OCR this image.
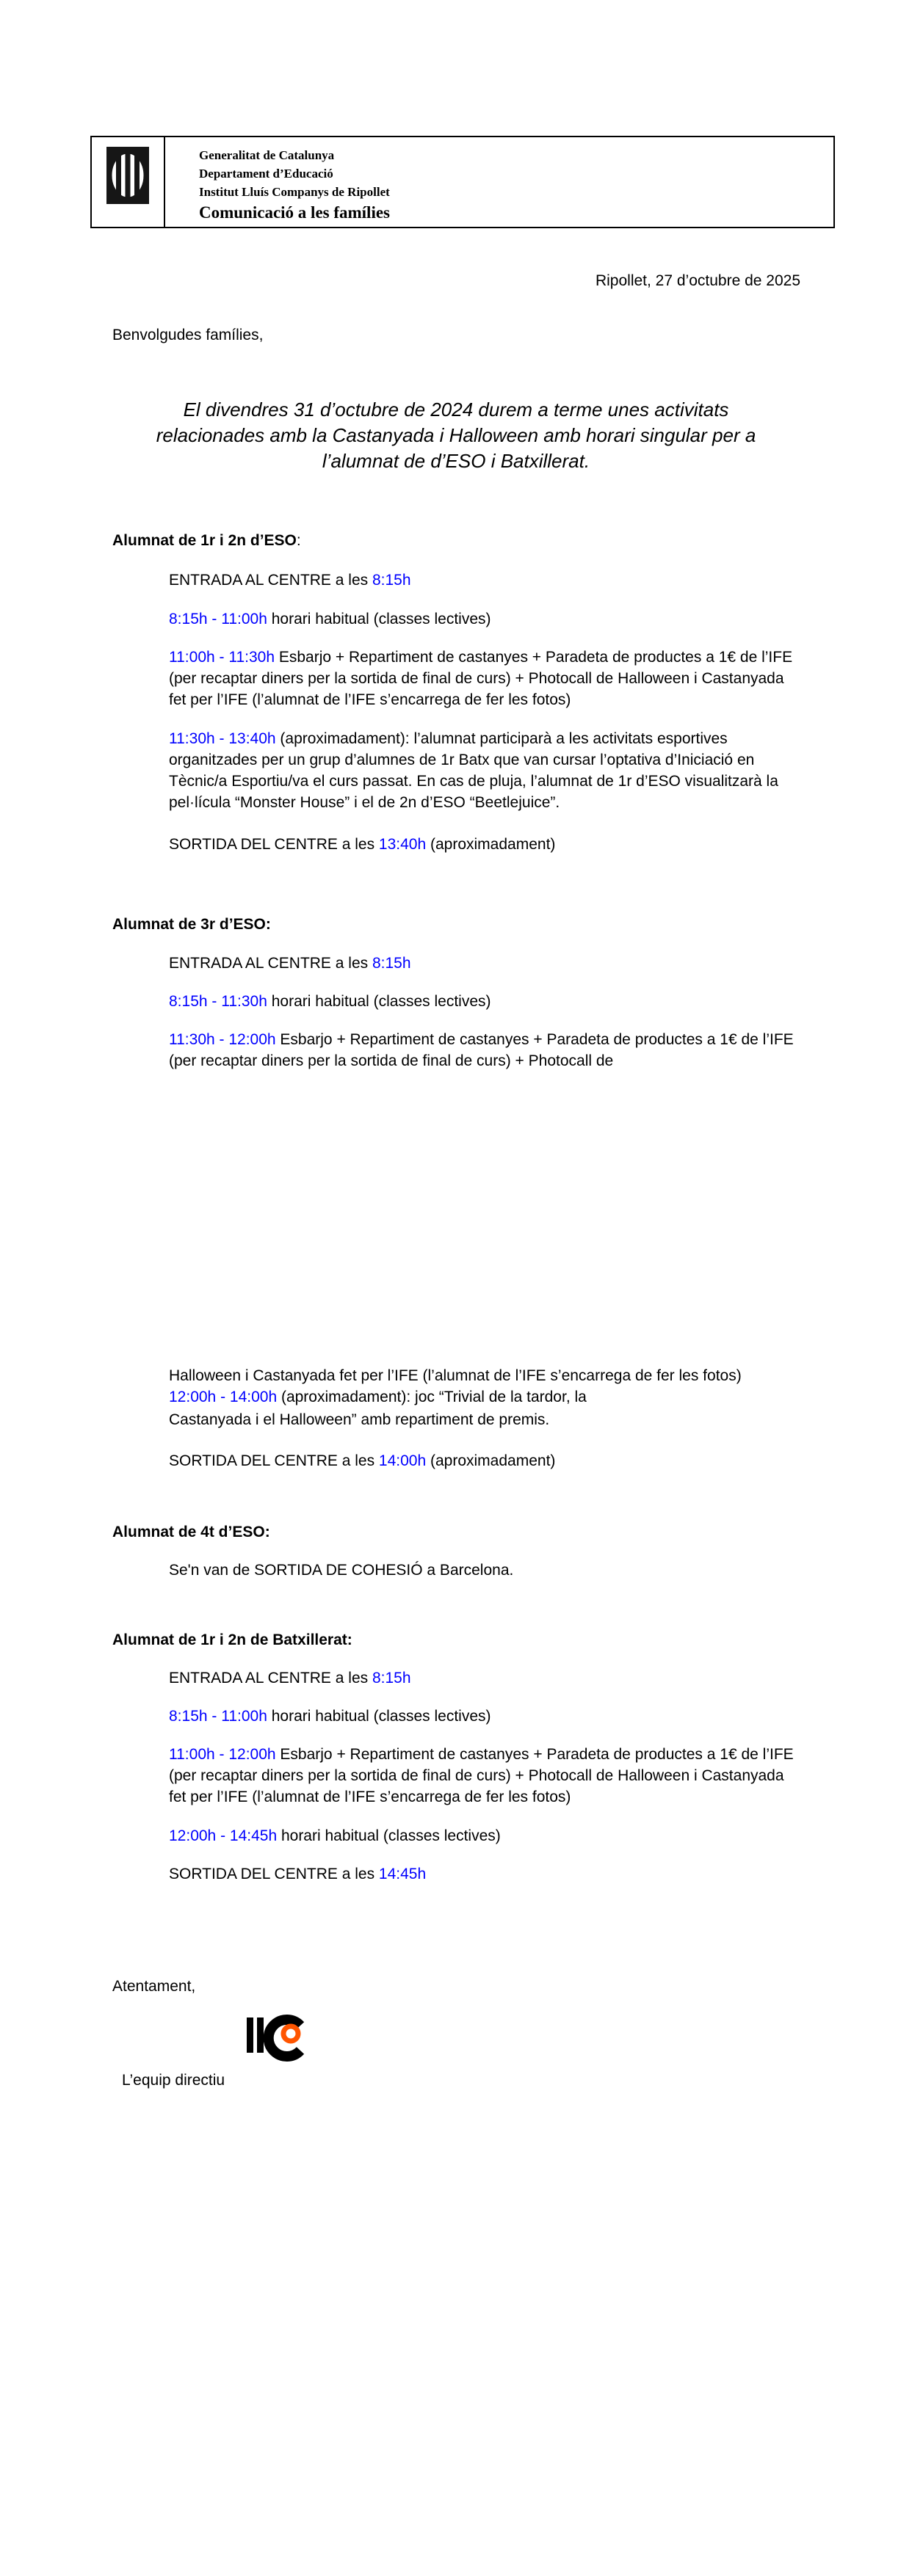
Generalitat de Catalunya
Departament d’Educació
Institut Lluís Companys de Ripollet
Comunicació a les famílies
Ripollet, 27 d’octubre de 2025
Benvolgudes famílies,
El divendres 31 d’octubre de 2024 durem a terme unes activitats
relacionades amb la Castanyada i Halloween amb horari singular per a
l’alumnat de d’ESO i Batxillerat.
Alumnat de 1r i 2n d’ESO:

ENTRADA AL CENTRE a les 8:15h

8:15h - 11:00h horari habitual (classes lectives)

11:00h - 11:30h Esbarjo + Repartiment de castanyes + Paradeta de productes a 1€ de l’IFE (per recaptar diners per la sortida de final de curs) + Photocall de Halloween i Castanyada fet per l’IFE (l’alumnat de l’IFE s’encarrega de fer les fotos)

11:30h - 13:40h (aproximadament): l’alumnat participarà a les activitats esportives organitzades per un grup d’alumnes de 1r Batx que van cursar l’optativa d’Iniciació en Tècnic/a Esportiu/va el curs passat. En cas de pluja, l’alumnat de 1r d’ESO visualitzarà la pel·lícula “Monster House” i el de 2n d’ESO “Beetlejuice”.

SORTIDA DEL CENTRE a les 13:40h (aproximadament)

Alumnat de 3r d’ESO:

ENTRADA AL CENTRE a les 8:15h

8:15h - 11:30h horari habitual (classes lectives)

11:30h - 12:00h Esbarjo + Repartiment de castanyes + Paradeta de productes a 1€ de l’IFE (per recaptar diners per la sortida de final de curs) + Photocall de

Halloween i Castanyada fet per l’IFE (l’alumnat de l’IFE s’encarrega de fer les fotos)

12:00h - 14:00h (aproximadament): joc “Trivial de la tardor, la

Castanyada i el Halloween” amb repartiment de premis.

SORTIDA DEL CENTRE a les 14:00h (aproximadament)

Alumnat de 4t d’ESO:

Se'n van de SORTIDA DE COHESIÓ a Barcelona.

Alumnat de 1r i 2n de Batxillerat:

ENTRADA AL CENTRE a les 8:15h

8:15h - 11:00h horari habitual (classes lectives)

11:00h - 12:00h Esbarjo + Repartiment de castanyes + Paradeta de productes a 1€ de l’IFE (per recaptar diners per la sortida de final de curs) + Photocall de Halloween i Castanyada fet per l’IFE (l’alumnat de l’IFE s’encarrega de fer les fotos)

12:00h - 14:45h horari habitual (classes lectives)

SORTIDA DEL CENTRE a les 14:45h

Atentament,
L’equip directiu
